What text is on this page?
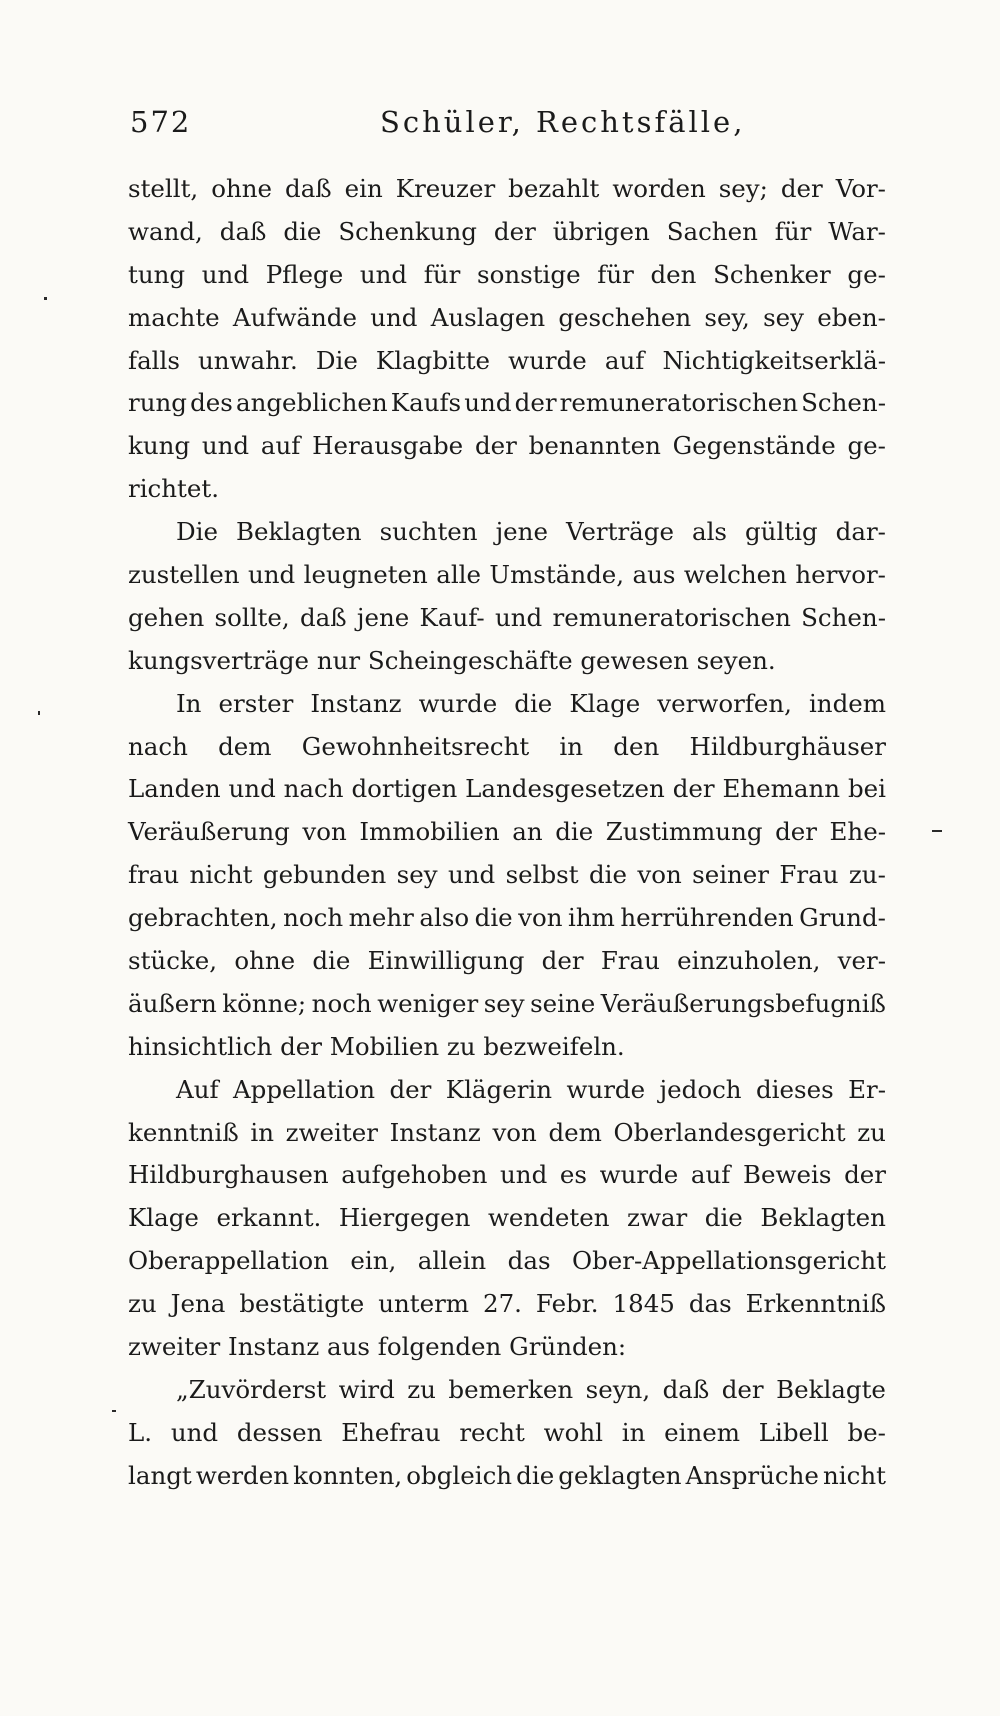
572	Schüler, Rechtsfälle,
stellt, ohne daß ein Kreuzer bezahlt worden sey; der Vor-
wand, daß die Schenkung der übrigen Sachen für War-
tung und Pflege und für sonstige für den Schenker ge-
machte Aufwände und Auslagen geschehen sey, sey eben-
falls unwahr. Die Klagbitte wurde auf Nichtigkeitserklä-
rung des angeblichen Kaufs und der remuneratorischen Schen-
kung und auf Herausgabe der benannten Gegenstände ge-
richtet.
Die Beklagten suchten jene Verträge als gültig dar-
zustellen und leugneten alle Umstände, aus welchen hervor-
gehen sollte, daß jene Kauf- und remuneratorischen Schen-
kungsverträge nur Scheingeschäfte gewesen seyen.
In erster Instanz wurde die Klage verworfen, indem
nach dem Gewohnheitsrecht in den Hildburghäuser
Landen und nach dortigen Landesgesetzen der Ehemann bei
Veräußerung von Immobilien an die Zustimmung der Ehe-
frau nicht gebunden sey und selbst die von seiner Frau zu-
gebrachten, noch mehr also die von ihm herrührenden Grund-
stücke, ohne die Einwilligung der Frau einzuholen, ver-
äußern könne; noch weniger sey seine Veräußerungsbefugniß
hinsichtlich der Mobilien zu bezweifeln.
Auf Appellation der Klägerin wurde jedoch dieses Er-
kenntniß in zweiter Instanz von dem Oberlandesgericht zu
Hildburghausen aufgehoben und es wurde auf Beweis der
Klage erkannt. Hiergegen wendeten zwar die Beklagten
Oberappellation ein, allein das Ober-Appellationsgericht
zu Jena bestätigte unterm 27. Febr. 1845 das Erkenntniß
zweiter Instanz aus folgenden Gründen:
„Zuvörderst wird zu bemerken seyn, daß der Beklagte
L. und dessen Ehefrau recht wohl in einem Libell be-
langt werden konnten, obgleich die geklagten Ansprüche nicht
